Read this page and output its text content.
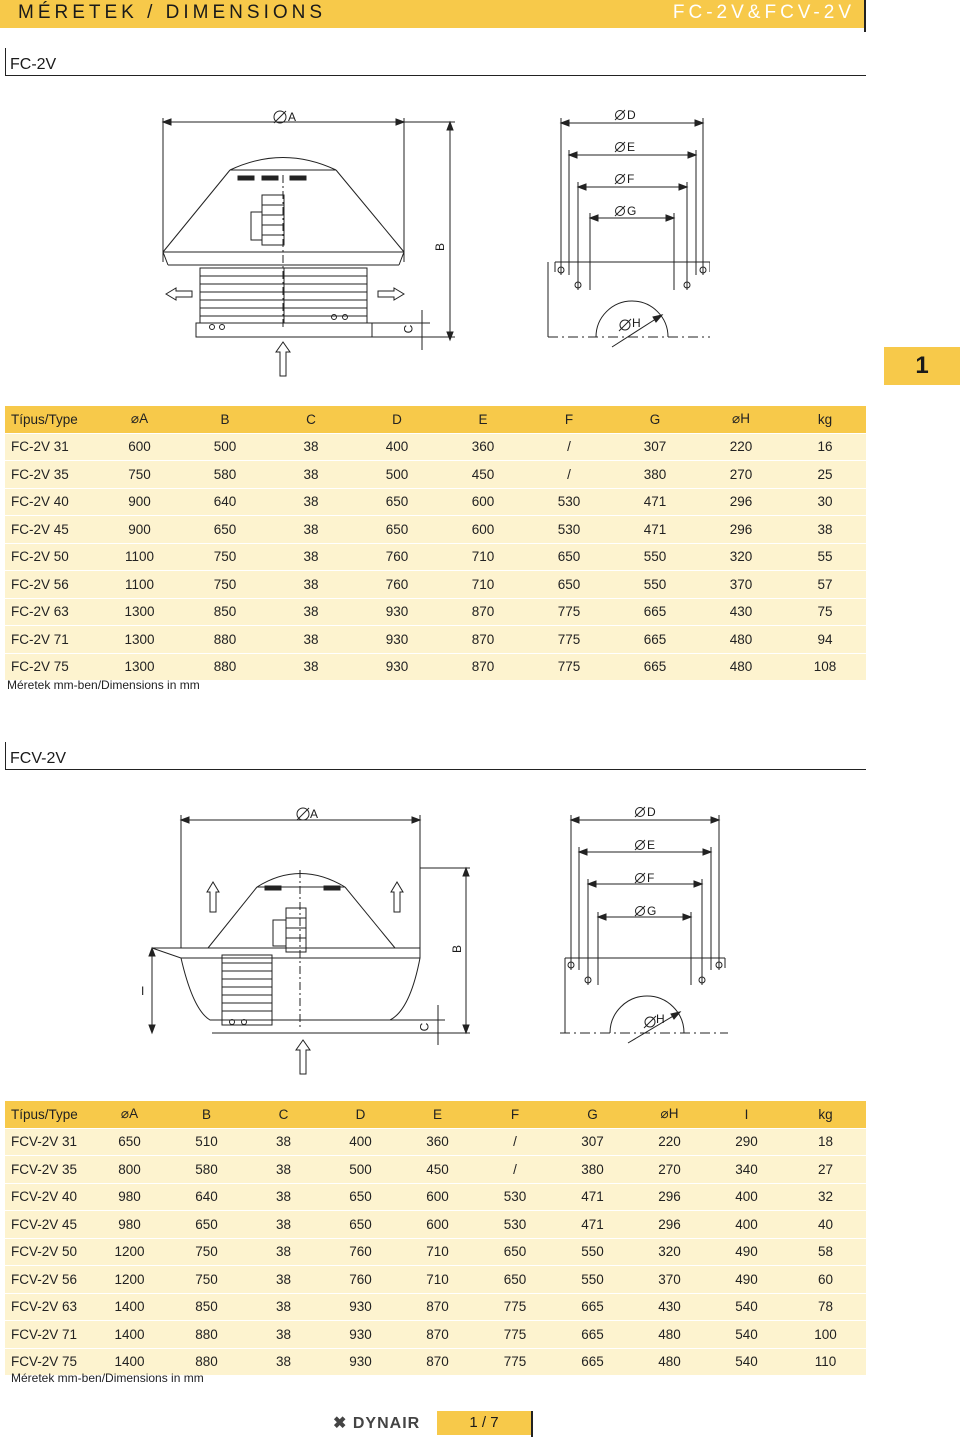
MÉRETEK / DIMENSIONS	FC-2V&FCV-2V
FC-2V
A
B
C
D
E
F
G
H
1
Típus/Type	⌀A	B	C	D	E	F	G	⌀H	kg
FC-2V 31	600	500	38	400	360	/	307	220	16
FC-2V 35	750	580	38	500	450	/	380	270	25
FC-2V 40	900	640	38	650	600	530	471	296	30
FC-2V 45	900	650	38	650	600	530	471	296	38
FC-2V 50	1100	750	38	760	710	650	550	320	55
FC-2V 56	1100	750	38	760	710	650	550	370	57
FC-2V 63	1300	850	38	930	870	775	665	430	75
FC-2V 71	1300	880	38	930	870	775	665	480	94
FC-2V 75	1300	880	38	930	870	775	665	480	108
Méretek mm-ben/Dimensions in mm
FCV-2V
A
B
C
D
E
F
G
H
I
Típus/Type	⌀A	B	C	D	E	F	G	⌀H	I	kg
FCV-2V 31	650	510	38	400	360	/	307	220	290	18
FCV-2V 35	800	580	38	500	450	/	380	270	340	27
FCV-2V 40	980	640	38	650	600	530	471	296	400	32
FCV-2V 45	980	650	38	650	600	530	471	296	400	40
FCV-2V 50	1200	750	38	760	710	650	550	320	490	58
FCV-2V 56	1200	750	38	760	710	650	550	370	490	60
FCV-2V 63	1400	850	38	930	870	775	665	430	540	78
FCV-2V 71	1400	880	38	930	870	775	665	480	540	100
FCV-2V 75	1400	880	38	930	870	775	665	480	540	110
Méretek mm-ben/Dimensions in mm
✖ DYNAIR	1 / 7
